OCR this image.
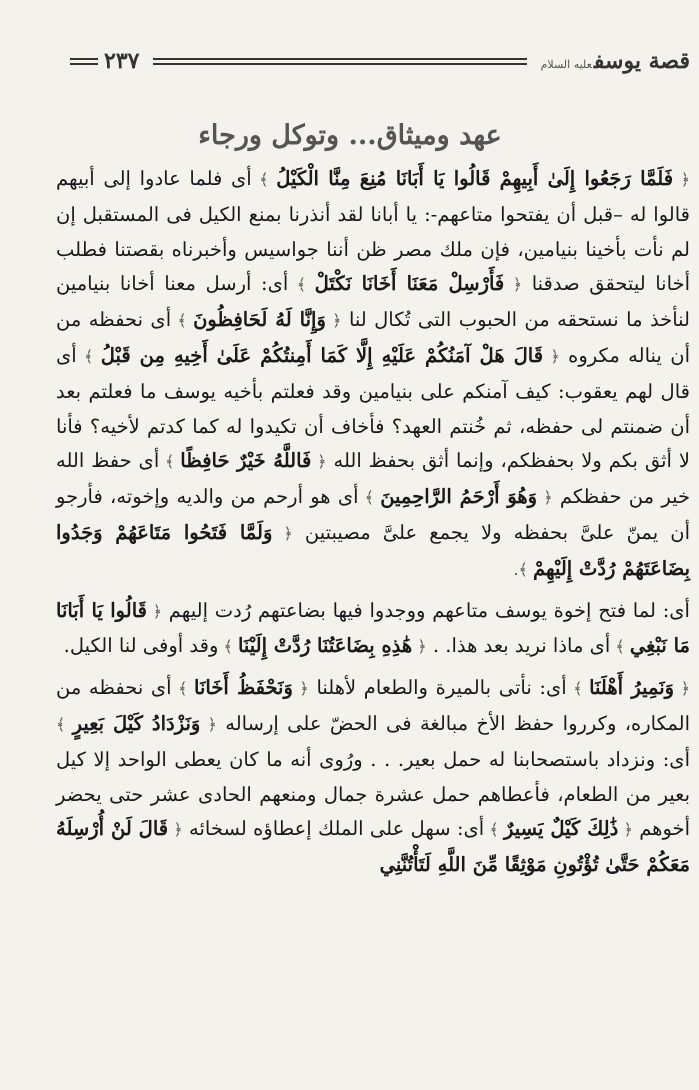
قصة يوسفعليه السلام
٢٣٧
عهد وميثاق... وتوكل ورجاء

﴿ فَلَمَّا رَجَعُوا إِلَىٰ أَبِيهِمْ قَالُوا يَا أَبَانَا مُنِعَ مِنَّا الْكَيْلُ ﴾ أى فلما عادوا إلى أبيهم قالوا له –قبل أن يفتحوا متاعهم-: يا أبانا لقد أنذرنا بمنع الكيل فى المستقبل إن لم نأت بأخينا بنيامين، فإن ملك مصر ظن أننا جواسيس وأخبرناه بقصتنا فطلب أخانا ليتحقق صدقنا ﴿ فَأَرْسِلْ مَعَنَا أَخَانَا نَكْتَلْ ﴾ أى: أرسل معنا أخانا بنيامين لنأخذ ما نستحقه من الحبوب التى تُكال لنا ﴿ وَإِنَّا لَهُ لَحَافِظُونَ ﴾ أى نحفظه من أن يناله مكروه ﴿ قَالَ هَلْ آمَنُكُمْ عَلَيْهِ إِلَّا كَمَا أَمِنتُكُمْ عَلَىٰ أَخِيهِ مِن قَبْلُ ﴾ أى قال لهم يعقوب: كيف آمنكم على بنيامين وقد فعلتم بأخيه يوسف ما فعلتم بعد أن ضمنتم لى حفظه، ثم خُنتم العهد؟ فأخاف أن تكيدوا له كما كدتم لأخيه؟ فأنا لا أثق بكم ولا بحفظكم، وإنما أثق بحفظ الله ﴿ فَاللَّهُ خَيْرٌ حَافِظًا ﴾ أى حفظ الله خير من حفظكم ﴿ وَهُوَ أَرْحَمُ الرَّاحِمِينَ ﴾ أى هو أرحم من والديه وإخوته، فأرجو أن يمنّ علىَّ بحفظه ولا يجمع علىَّ مصيبتين ﴿ وَلَمَّا فَتَحُوا مَتَاعَهُمْ وَجَدُوا بِضَاعَتَهُمْ رُدَّتْ إِلَيْهِمْ ﴾.

أى: لما فتح إخوة يوسف متاعهم ووجدوا فيها بضاعتهم رُدت إليهم ﴿ قَالُوا يَا أَبَانَا مَا نَبْغِي ﴾ أى ماذا نريد بعد هذا. . ﴿ هَٰذِهِ بِضَاعَتُنَا رُدَّتْ إِلَيْنَا ﴾ وقد أوفى لنا الكيل.

﴿ وَنَمِيرُ أَهْلَنَا ﴾ أى: نأتى بالميرة والطعام لأهلنا ﴿ وَنَحْفَظُ أَخَانَا ﴾ أى نحفظه من المكاره، وكرروا حفظ الأخ مبالغة فى الحضّ على إرساله ﴿ وَنَزْدَادُ كَيْلَ بَعِيرٍ ﴾ أى: ونزداد باستصحابنا له حمل بعير. . . ورُوى أنه ما كان يعطى الواحد إلا كيل بعير من الطعام، فأعطاهم حمل عشرة جمال ومنعهم الحادى عشر حتى يحضر أخوهم ﴿ ذَٰلِكَ كَيْلٌ يَسِيرٌ ﴾ أى: سهل على الملك إعطاؤه لسخائه ﴿ قَالَ لَنْ أُرْسِلَهُ مَعَكُمْ حَتَّىٰ تُؤْتُونِ مَوْثِقًا مِّنَ اللَّهِ لَتَأْتُنَّنِي
